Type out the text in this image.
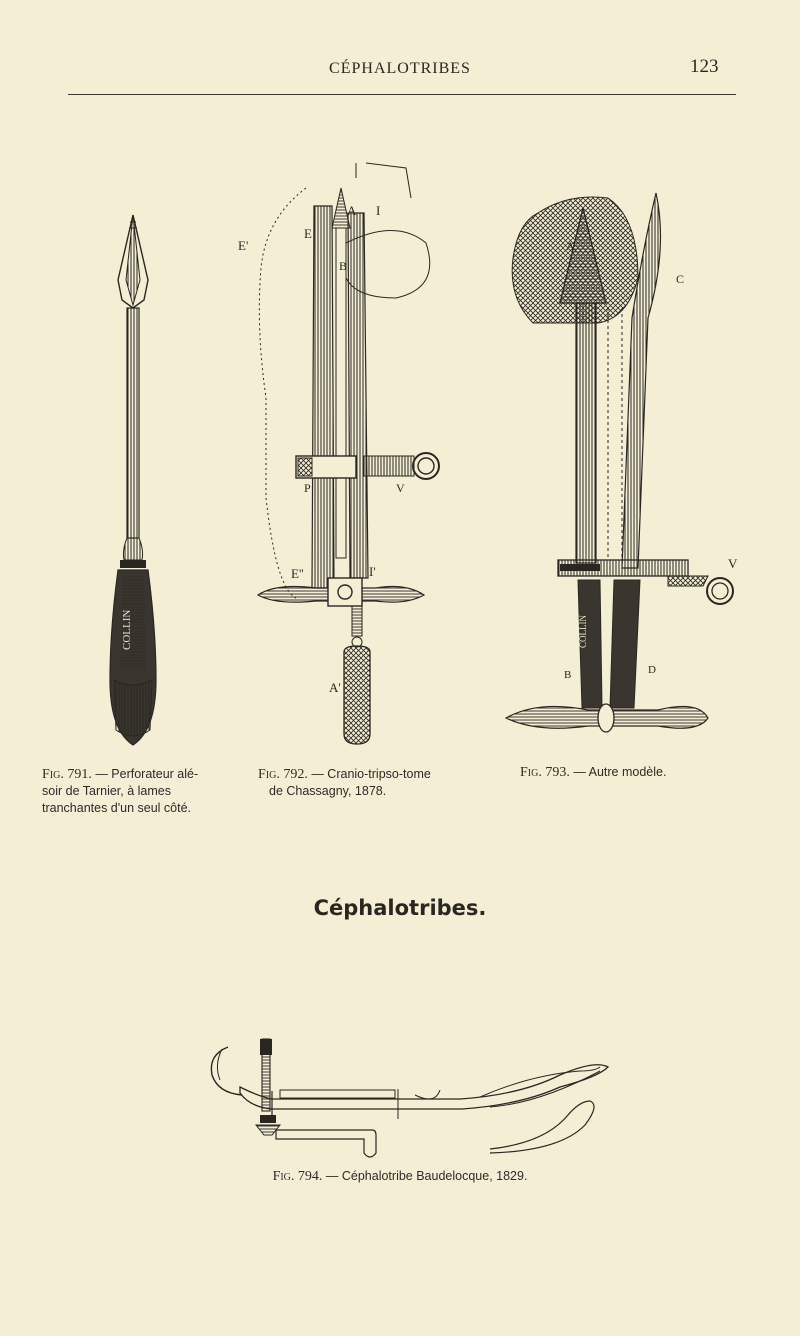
CÉPHALOTRIBES	123
COLLIN
Fig. 791. — Perforateur alé-
soir de Tarnier, à lames
tranchantes d'un seul côté.
A I
E
E'
B
P	V
E''	I'
A'
Fig. 792. — Cranio-tripso-tome
de Chassagny, 1878.
COLLIN
A
C
V
B	D
Fig. 793. — Autre modèle.
Céphalotribes.
Fig. 794. — Céphalotribe Baudelocque, 1829.
